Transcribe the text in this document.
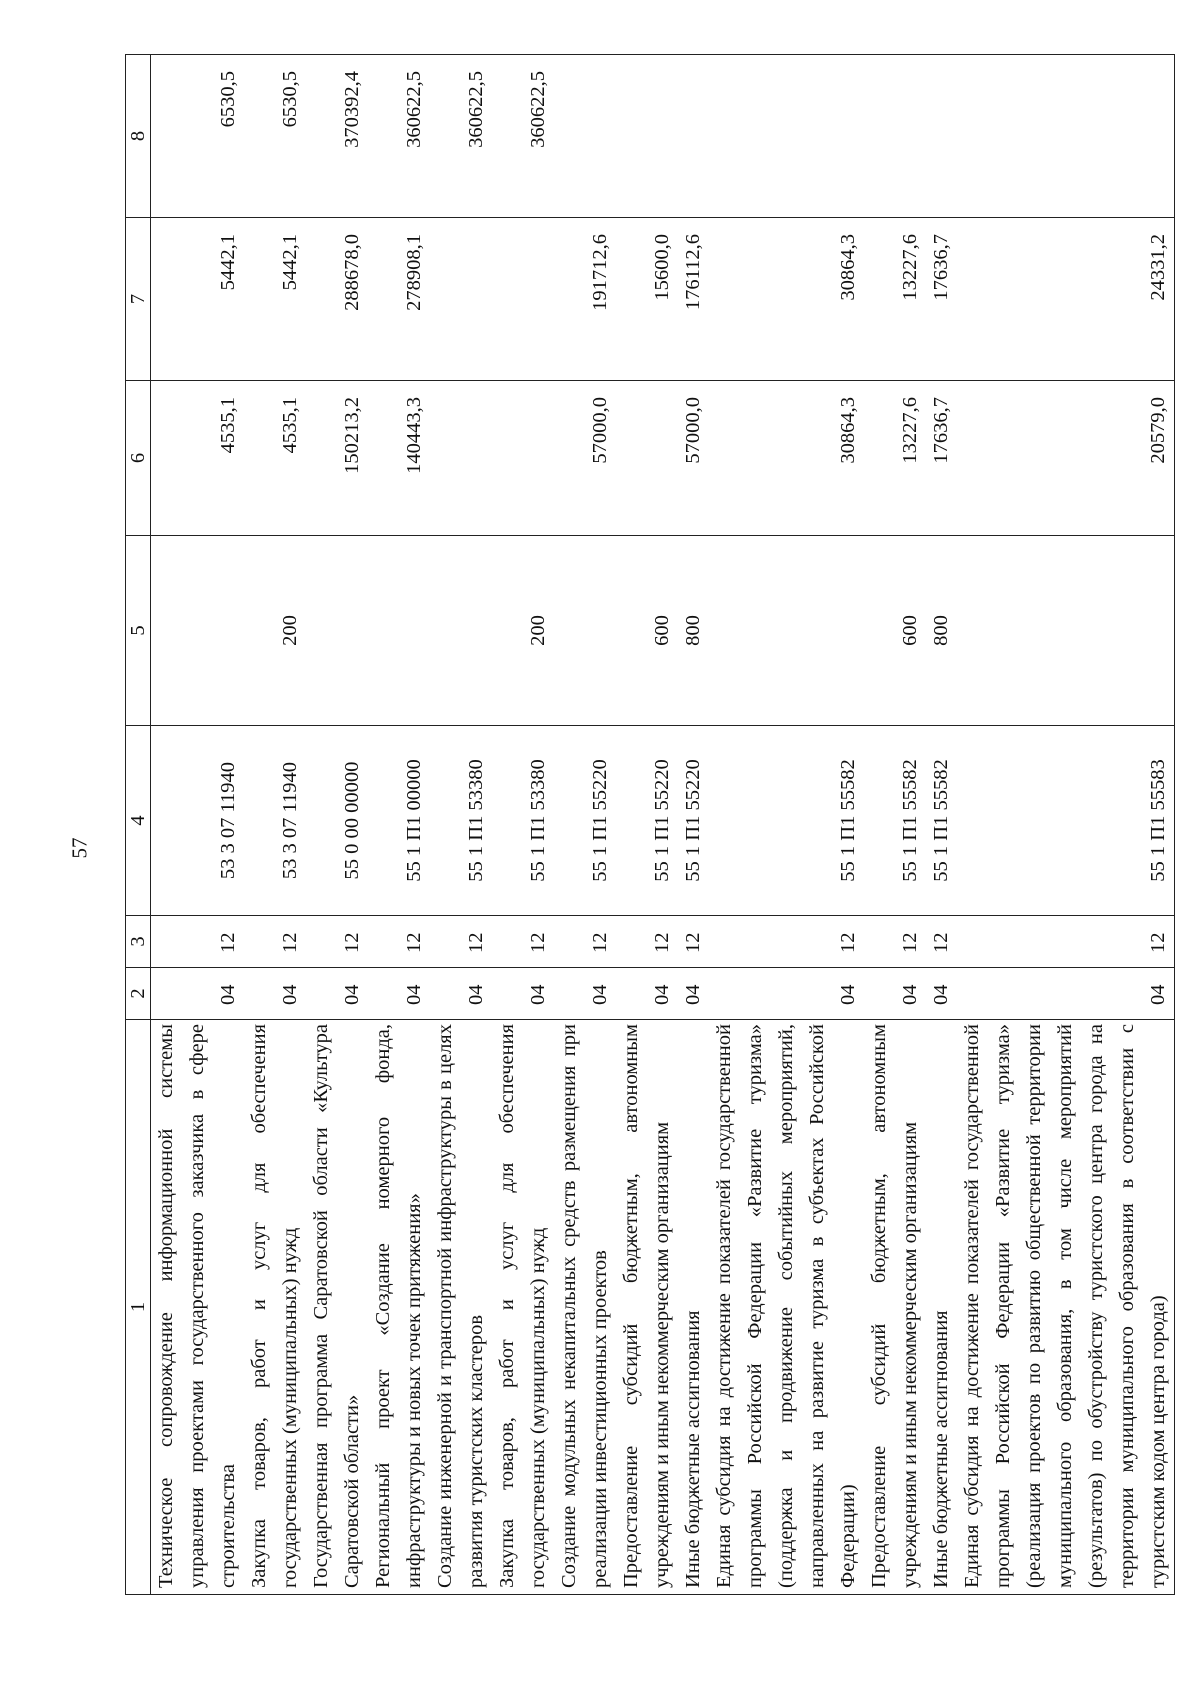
57
1	2	3	4	5	6	7	8
Техническое сопровождение информационной системы управления проектами государственного заказчика в сфере строительства	04	12	53 3 07 11940		4535,1	5442,1	6530,5
Закупка товаров, работ и услуг для обеспечения государственных (муниципальных) нужд	04	12	53 3 07 11940	200	4535,1	5442,1	6530,5
Государственная программа Саратовской области «Культура Саратовской области»	04	12	55 0 00 00000		150213,2	288678,0	370392,4
Региональный проект «Создание номерного фонда, инфраструктуры и новых точек притяжения»	04	12	55 1 П1 00000		140443,3	278908,1	360622,5
Создание инженерной и транспортной инфраструктуры в целях развития туристских кластеров	04	12	55 1 П1 53380				360622,5
Закупка товаров, работ и услуг для обеспечения государственных (муниципальных) нужд	04	12	55 1 П1 53380	200			360622,5
Создание модульных некапитальных средств размещения при реализации инвестиционных проектов	04	12	55 1 П1 55220		57000,0	191712,6	
Предоставление субсидий бюджетным, автономным учреждениям и иным некоммерческим организациям	04	12	55 1 П1 55220	600		15600,0	
Иные бюджетные ассигнования	04	12	55 1 П1 55220	800	57000,0	176112,6	
Единая субсидия на достижение показателей государственной программы Российской Федерации «Развитие туризма» (поддержка и продвижение событийных мероприятий, направленных на развитие туризма в субъектах Российской Федерации)	04	12	55 1 П1 55582		30864,3	30864,3	
Предоставление субсидий бюджетным, автономным учреждениям и иным некоммерческим организациям	04	12	55 1 П1 55582	600	13227,6	13227,6	
Иные бюджетные ассигнования	04	12	55 1 П1 55582	800	17636,7	17636,7	
Единая субсидия на достижение показателей государственной программы Российской Федерации «Развитие туризма» (реализация проектов по развитию общественной территории муниципального образования, в том числе мероприятий (результатов) по обустройству туристского центра города на территории муниципального образования в соответствии с туристским кодом центра города)	04	12	55 1 П1 55583		20579,0	24331,2	
